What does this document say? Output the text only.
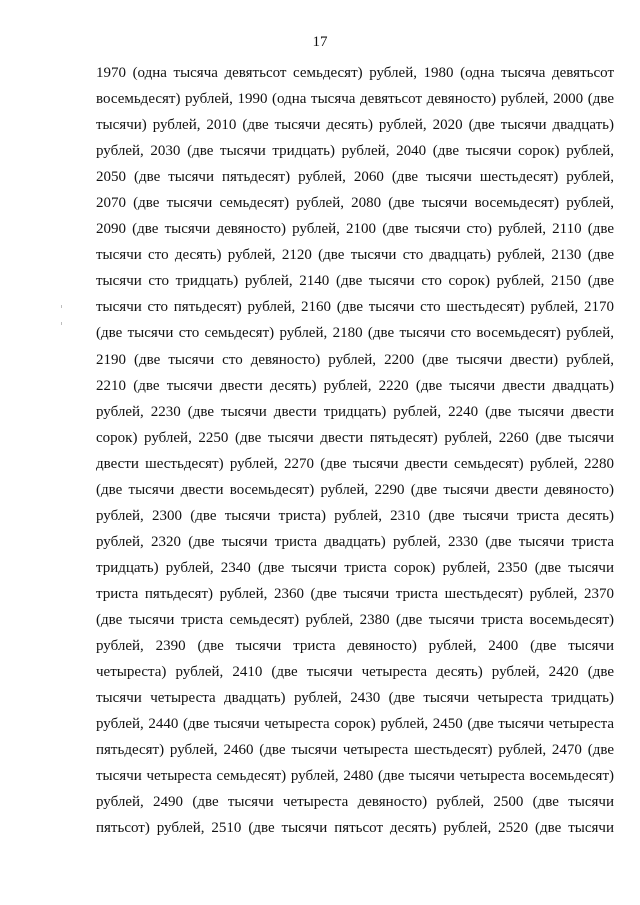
17
1970 (одна тысяча девятьсот семьдесят) рублей, 1980 (одна тысяча девятьсот
восемьдесят) рублей, 1990 (одна тысяча девятьсот девяносто) рублей, 2000 (две
тысячи) рублей, 2010 (две тысячи десять) рублей, 2020 (две тысячи двадцать)
рублей, 2030 (две тысячи тридцать) рублей, 2040 (две тысячи сорок) рублей,
2050 (две тысячи пятьдесят) рублей, 2060 (две тысячи шестьдесят) рублей,
2070 (две тысячи семьдесят) рублей, 2080 (две тысячи восемьдесят) рублей,
2090 (две тысячи девяносто) рублей, 2100 (две тысячи сто) рублей, 2110 (две
тысячи сто десять) рублей, 2120 (две тысячи сто двадцать) рублей, 2130 (две
тысячи сто тридцать) рублей, 2140 (две тысячи сто сорок) рублей, 2150 (две
тысячи сто пятьдесят) рублей, 2160 (две тысячи сто шестьдесят) рублей, 2170
(две тысячи сто семьдесят) рублей, 2180 (две тысячи сто восемьдесят) рублей,
2190 (две тысячи сто девяносто) рублей, 2200 (две тысячи двести) рублей,
2210 (две тысячи двести десять) рублей, 2220 (две тысячи двести двадцать)
рублей, 2230 (две тысячи двести тридцать) рублей, 2240 (две тысячи двести
сорок) рублей, 2250 (две тысячи двести пятьдесят) рублей, 2260 (две тысячи
двести шестьдесят) рублей, 2270 (две тысячи двести семьдесят) рублей, 2280
(две тысячи двести восемьдесят) рублей, 2290 (две тысячи двести девяносто)
рублей, 2300 (две тысячи триста) рублей, 2310 (две тысячи триста десять)
рублей, 2320 (две тысячи триста двадцать) рублей, 2330 (две тысячи триста
тридцать) рублей, 2340 (две тысячи триста сорок) рублей, 2350 (две тысячи
триста пятьдесят) рублей, 2360 (две тысячи триста шестьдесят) рублей, 2370
(две тысячи триста семьдесят) рублей, 2380 (две тысячи триста восемьдесят)
рублей, 2390 (две тысячи триста девяносто) рублей, 2400 (две тысячи
четыреста) рублей, 2410 (две тысячи четыреста десять) рублей, 2420 (две
тысячи четыреста двадцать) рублей, 2430 (две тысячи четыреста тридцать)
рублей, 2440 (две тысячи четыреста сорок) рублей, 2450 (две тысячи четыреста
пятьдесят) рублей, 2460 (две тысячи четыреста шестьдесят) рублей, 2470 (две
тысячи четыреста семьдесят) рублей, 2480 (две тысячи четыреста восемьдесят)
рублей, 2490 (две тысячи четыреста девяносто) рублей, 2500 (две тысячи
пятьсот) рублей, 2510 (две тысячи пятьсот десять) рублей, 2520 (две тысячи
